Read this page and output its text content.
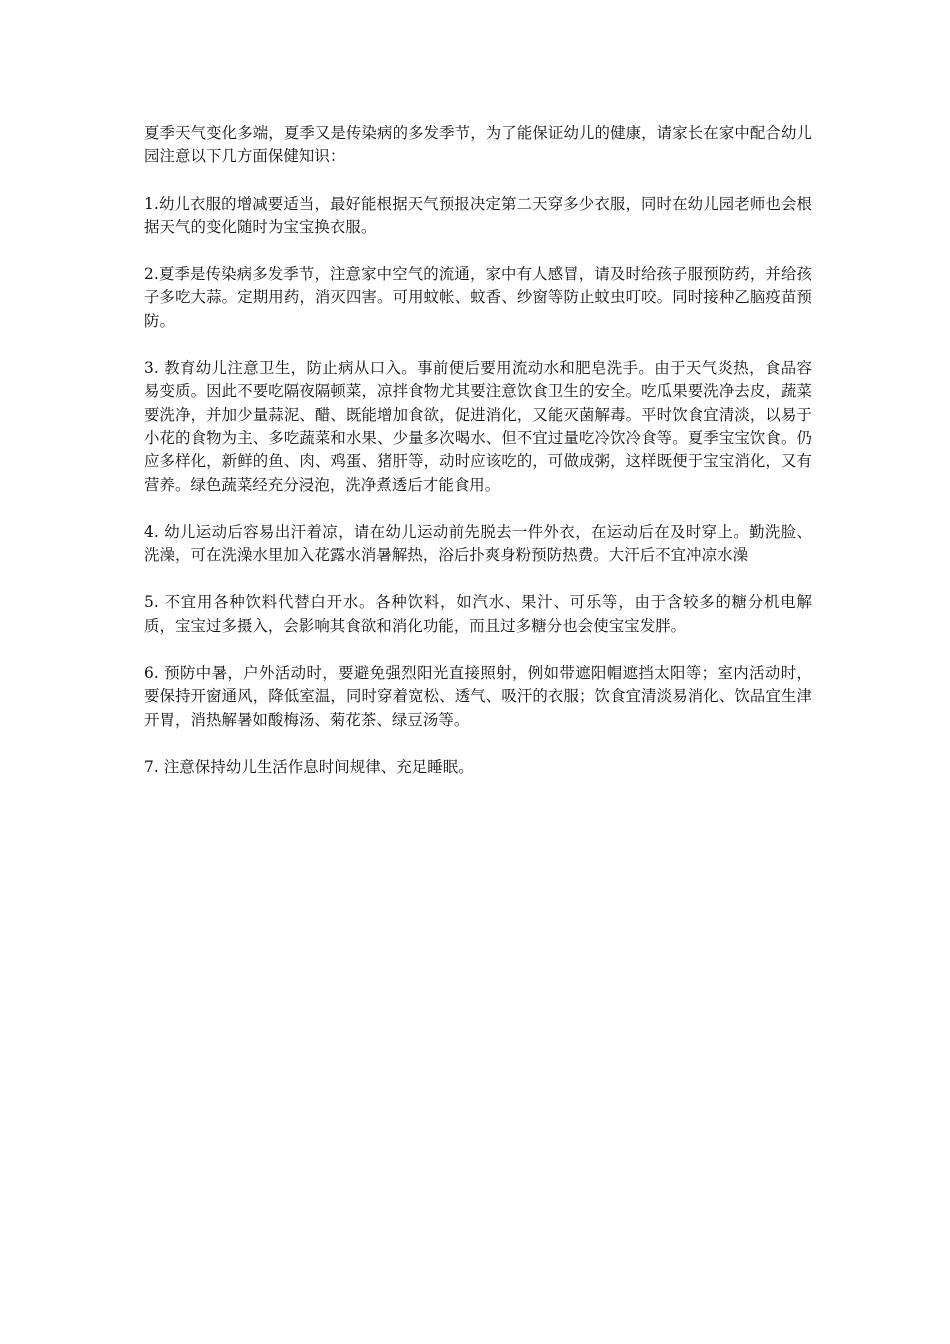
夏季天气变化多端，夏季又是传染病的多发季节，为了能保证幼儿的健康，请家长在家中配合幼儿园注意以下几方面保健知识：

1.幼儿衣服的增减要适当，最好能根据天气预报决定第二天穿多少衣服，同时在幼儿园老师也会根据天气的变化随时为宝宝换衣服。

2.夏季是传染病多发季节，注意家中空气的流通，家中有人感冒，请及时给孩子服预防药，并给孩子多吃大蒜。定期用药，消灭四害。可用蚊帐、蚊香、纱窗等防止蚊虫叮咬。同时接种乙脑疫苗预防。

3. 教育幼儿注意卫生，防止病从口入。事前便后要用流动水和肥皂洗手。由于天气炎热，食品容易变质。因此不要吃隔夜隔顿菜，凉拌食物尤其要注意饮食卫生的安全。吃瓜果要洗净去皮，蔬菜要洗净，并加少量蒜泥、醋、既能增加食欲，促进消化，又能灭菌解毒。平时饮食宜清淡，以易于小花的食物为主、多吃蔬菜和水果、少量多次喝水、但不宜过量吃冷饮冷食等。夏季宝宝饮食。仍应多样化，新鲜的鱼、肉、鸡蛋、猪肝等，动时应该吃的，可做成粥，这样既便于宝宝消化，又有营养。绿色蔬菜经充分浸泡，洗净煮透后才能食用。

4. 幼儿运动后容易出汗着凉，请在幼儿运动前先脱去一件外衣，在运动后在及时穿上。勤洗脸、洗澡，可在洗澡水里加入花露水消暑解热，浴后扑爽身粉预防热费。大汗后不宜冲凉水澡

5. 不宜用各种饮料代替白开水。各种饮料，如汽水、果汁、可乐等，由于含较多的糖分机电解质，宝宝过多摄入，会影响其食欲和消化功能，而且过多糖分也会使宝宝发胖。

6. 预防中暑，户外活动时，要避免强烈阳光直接照射，例如带遮阳帽遮挡太阳等；室内活动时，要保持开窗通风，降低室温，同时穿着宽松、透气、吸汗的衣服；饮食宜清淡易消化、饮品宜生津开胃，消热解暑如酸梅汤、菊花茶、绿豆汤等。

7. 注意保持幼儿生活作息时间规律、充足睡眠。
